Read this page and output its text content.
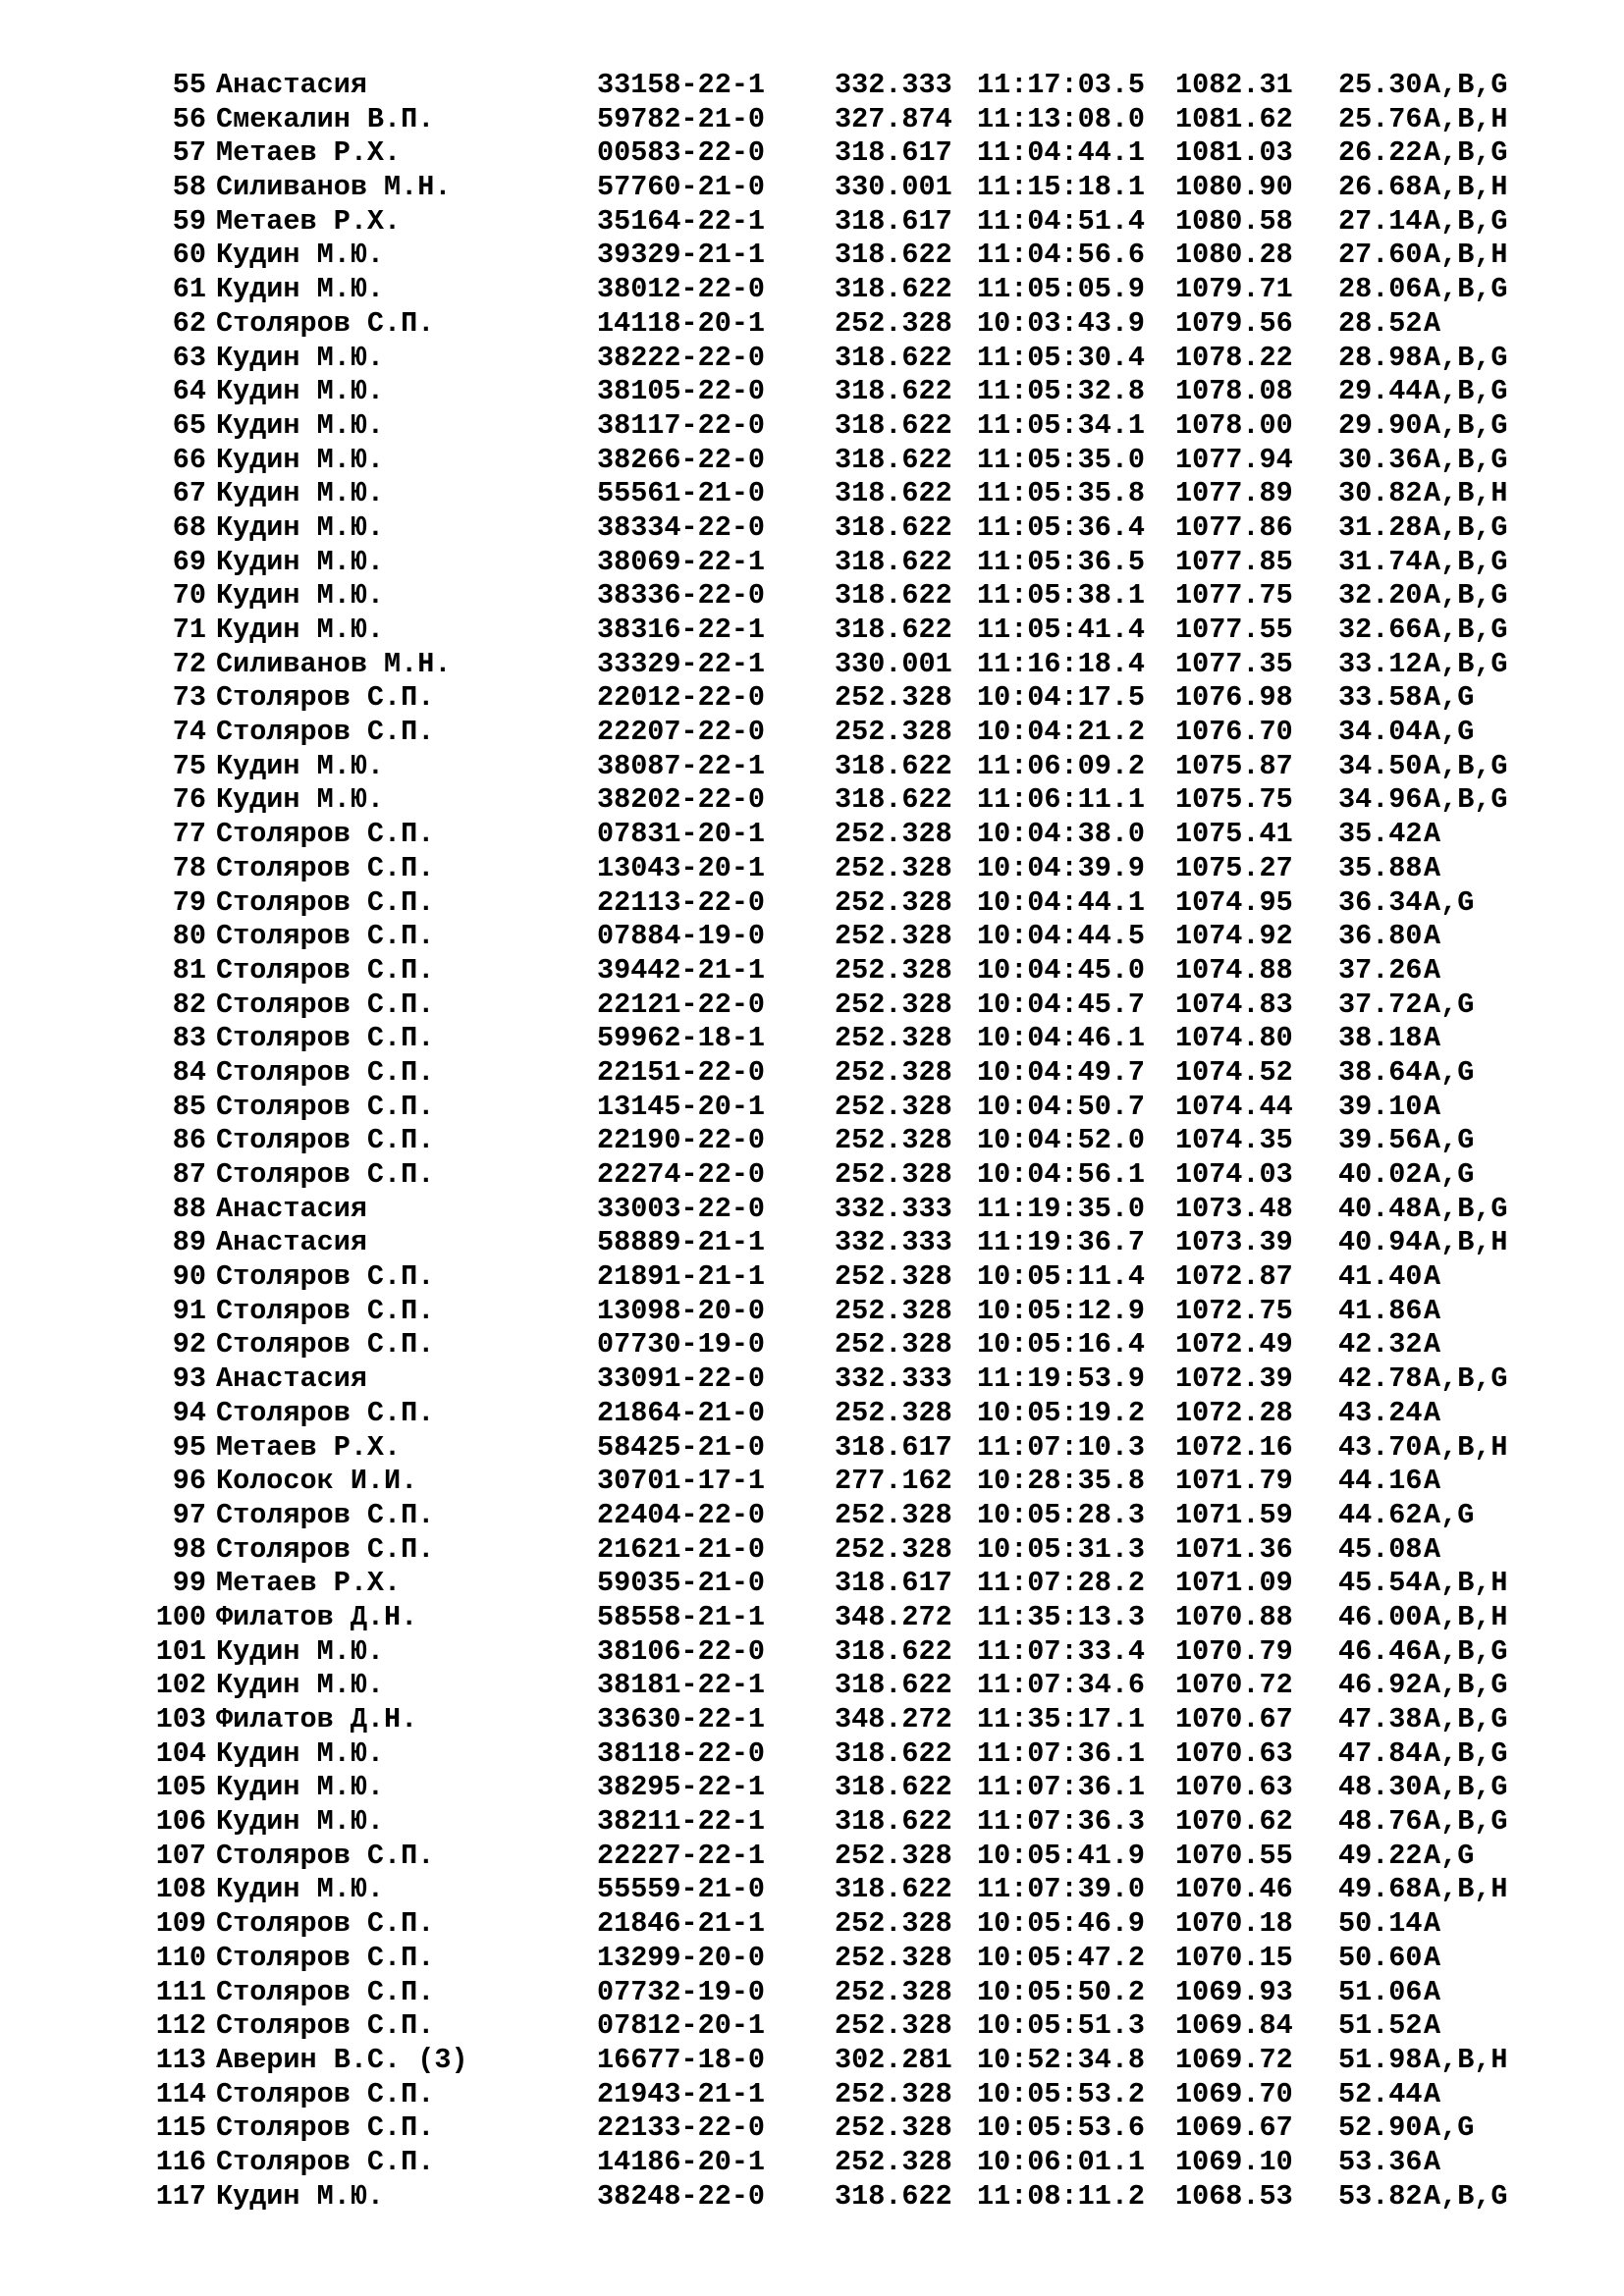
55 Анастасия	33158-22-1 332.333 11:17:03.5 1082.31 25.30 A,B,G
56 Смекалин В.П.	59782-21-0 327.874 11:13:08.0 1081.62 25.76 A,B,H
57 Метаев Р.Х.	00583-22-0 318.617 11:04:44.1 1081.03 26.22 A,B,G
58 Силиванов М.Н.	57760-21-0 330.001 11:15:18.1 1080.90 26.68 A,B,H
59 Метаев Р.Х.	35164-22-1 318.617 11:04:51.4 1080.58 27.14 A,B,G
60 Кудин М.Ю.	39329-21-1 318.622 11:04:56.6 1080.28 27.60 A,B,H
61 Кудин М.Ю.	38012-22-0 318.622 11:05:05.9 1079.71 28.06 A,B,G
62 Столяров С.П.	14118-20-1 252.328 10:03:43.9 1079.56 28.52 A
63 Кудин М.Ю.	38222-22-0 318.622 11:05:30.4 1078.22 28.98 A,B,G
64 Кудин М.Ю.	38105-22-0 318.622 11:05:32.8 1078.08 29.44 A,B,G
65 Кудин М.Ю.	38117-22-0 318.622 11:05:34.1 1078.00 29.90 A,B,G
66 Кудин М.Ю.	38266-22-0 318.622 11:05:35.0 1077.94 30.36 A,B,G
67 Кудин М.Ю.	55561-21-0 318.622 11:05:35.8 1077.89 30.82 A,B,H
68 Кудин М.Ю.	38334-22-0 318.622 11:05:36.4 1077.86 31.28 A,B,G
69 Кудин М.Ю.	38069-22-1 318.622 11:05:36.5 1077.85 31.74 A,B,G
70 Кудин М.Ю.	38336-22-0 318.622 11:05:38.1 1077.75 32.20 A,B,G
71 Кудин М.Ю.	38316-22-1 318.622 11:05:41.4 1077.55 32.66 A,B,G
72 Силиванов М.Н.	33329-22-1 330.001 11:16:18.4 1077.35 33.12 A,B,G
73 Столяров С.П.	22012-22-0 252.328 10:04:17.5 1076.98 33.58 A,G
74 Столяров С.П.	22207-22-0 252.328 10:04:21.2 1076.70 34.04 A,G
75 Кудин М.Ю.	38087-22-1 318.622 11:06:09.2 1075.87 34.50 A,B,G
76 Кудин М.Ю.	38202-22-0 318.622 11:06:11.1 1075.75 34.96 A,B,G
77 Столяров С.П.	07831-20-1 252.328 10:04:38.0 1075.41 35.42 A
78 Столяров С.П.	13043-20-1 252.328 10:04:39.9 1075.27 35.88 A
79 Столяров С.П.	22113-22-0 252.328 10:04:44.1 1074.95 36.34 A,G
80 Столяров С.П.	07884-19-0 252.328 10:04:44.5 1074.92 36.80 A
81 Столяров С.П.	39442-21-1 252.328 10:04:45.0 1074.88 37.26 A
82 Столяров С.П.	22121-22-0 252.328 10:04:45.7 1074.83 37.72 A,G
83 Столяров С.П.	59962-18-1 252.328 10:04:46.1 1074.80 38.18 A
84 Столяров С.П.	22151-22-0 252.328 10:04:49.7 1074.52 38.64 A,G
85 Столяров С.П.	13145-20-1 252.328 10:04:50.7 1074.44 39.10 A
86 Столяров С.П.	22190-22-0 252.328 10:04:52.0 1074.35 39.56 A,G
87 Столяров С.П.	22274-22-0 252.328 10:04:56.1 1074.03 40.02 A,G
88 Анастасия	33003-22-0 332.333 11:19:35.0 1073.48 40.48 A,B,G
89 Анастасия	58889-21-1 332.333 11:19:36.7 1073.39 40.94 A,B,H
90 Столяров С.П.	21891-21-1 252.328 10:05:11.4 1072.87 41.40 A
91 Столяров С.П.	13098-20-0 252.328 10:05:12.9 1072.75 41.86 A
92 Столяров С.П.	07730-19-0 252.328 10:05:16.4 1072.49 42.32 A
93 Анастасия	33091-22-0 332.333 11:19:53.9 1072.39 42.78 A,B,G
94 Столяров С.П.	21864-21-0 252.328 10:05:19.2 1072.28 43.24 A
95 Метаев Р.Х.	58425-21-0 318.617 11:07:10.3 1072.16 43.70 A,B,H
96 Колосок И.И.	30701-17-1 277.162 10:28:35.8 1071.79 44.16 A
97 Столяров С.П.	22404-22-0 252.328 10:05:28.3 1071.59 44.62 A,G
98 Столяров С.П.	21621-21-0 252.328 10:05:31.3 1071.36 45.08 A
99 Метаев Р.Х.	59035-21-0 318.617 11:07:28.2 1071.09 45.54 A,B,H
100 Филатов Д.Н.	58558-21-1 348.272 11:35:13.3 1070.88 46.00 A,B,H
101 Кудин М.Ю.	38106-22-0 318.622 11:07:33.4 1070.79 46.46 A,B,G
102 Кудин М.Ю.	38181-22-1 318.622 11:07:34.6 1070.72 46.92 A,B,G
103 Филатов Д.Н.	33630-22-1 348.272 11:35:17.1 1070.67 47.38 A,B,G
104 Кудин М.Ю.	38118-22-0 318.622 11:07:36.1 1070.63 47.84 A,B,G
105 Кудин М.Ю.	38295-22-1 318.622 11:07:36.1 1070.63 48.30 A,B,G
106 Кудин М.Ю.	38211-22-1 318.622 11:07:36.3 1070.62 48.76 A,B,G
107 Столяров С.П.	22227-22-1 252.328 10:05:41.9 1070.55 49.22 A,G
108 Кудин М.Ю.	55559-21-0 318.622 11:07:39.0 1070.46 49.68 A,B,H
109 Столяров С.П.	21846-21-1 252.328 10:05:46.9 1070.18 50.14 A
110 Столяров С.П.	13299-20-0 252.328 10:05:47.2 1070.15 50.60 A
111 Столяров С.П.	07732-19-0 252.328 10:05:50.2 1069.93 51.06 A
112 Столяров С.П.	07812-20-1 252.328 10:05:51.3 1069.84 51.52 A
113 Аверин В.С. (3)	16677-18-0 302.281 10:52:34.8 1069.72 51.98 A,B,H
114 Столяров С.П.	21943-21-1 252.328 10:05:53.2 1069.70 52.44 A
115 Столяров С.П.	22133-22-0 252.328 10:05:53.6 1069.67 52.90 A,G
116 Столяров С.П.	14186-20-1 252.328 10:06:01.1 1069.10 53.36 A
117 Кудин М.Ю.	38248-22-0 318.622 11:08:11.2 1068.53 53.82 A,B,G
